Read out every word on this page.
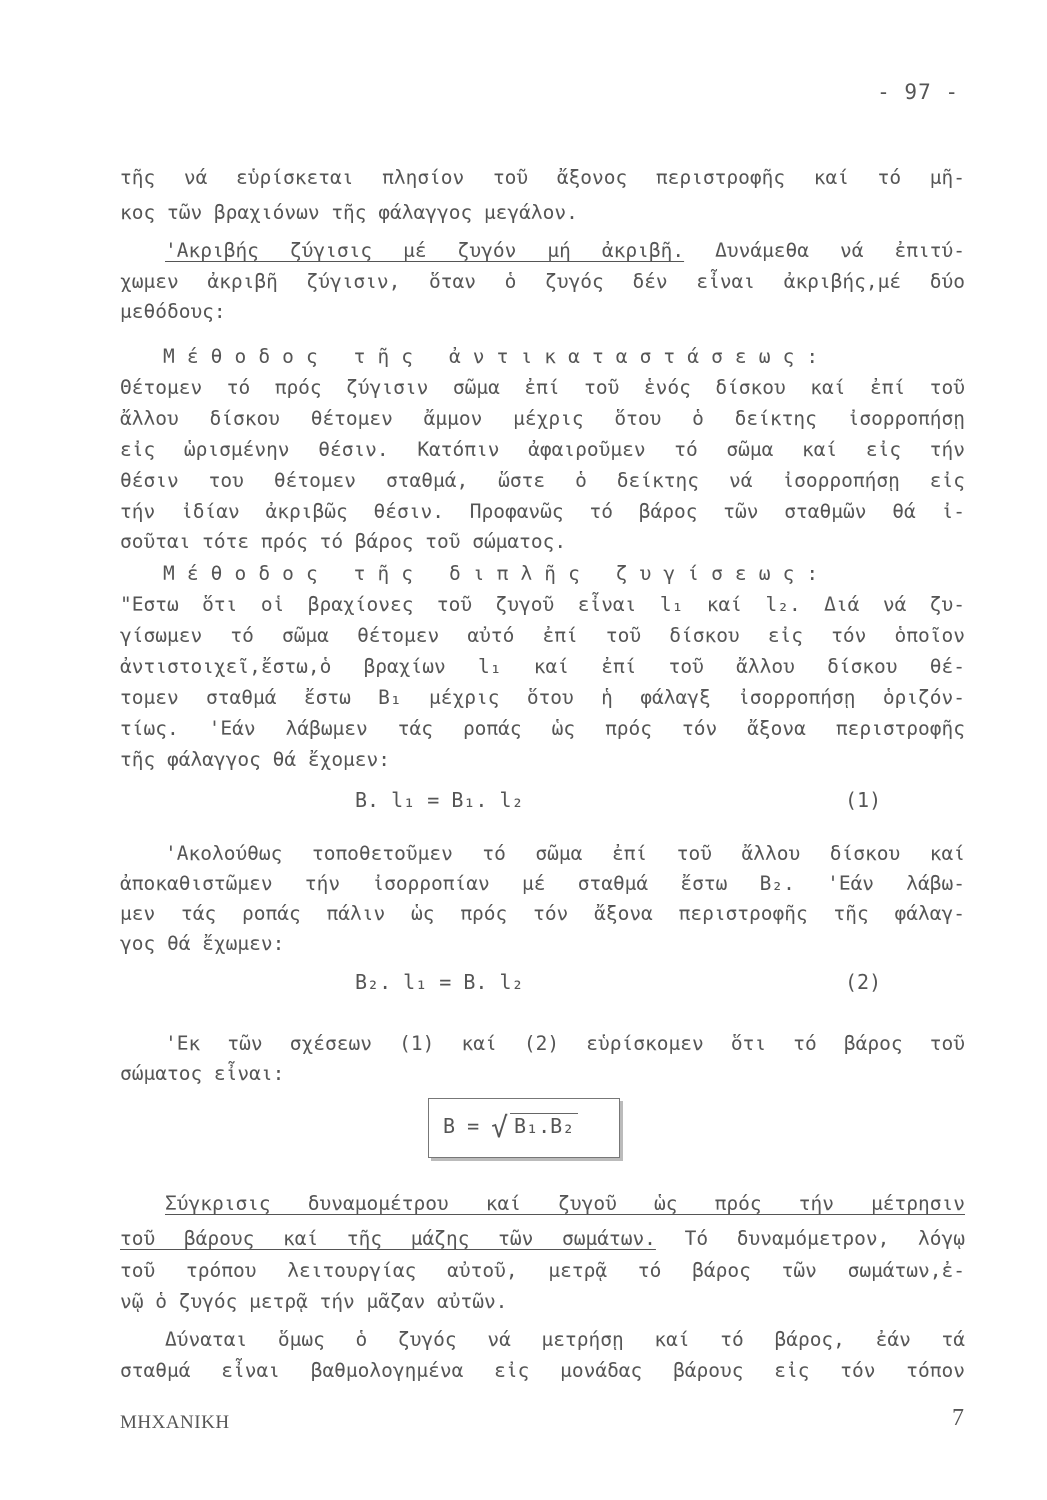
- 97 -
τῆς νά εὑρίσκεται πλησίον τοῦ ἄξονος περιστροφῆς καί τό μῆ-
κος τῶν βραχιόνων τῆς φάλαγγος μεγάλον.
'Ακριβής ζύγισις μέ ζυγόν μή ἀκριβῆ. Δυνάμεθα νά ἐπιτύ-
χωμεν ἀκριβῆ ζύγισιν, ὅταν ὁ ζυγός δέν εἶναι ἀκριβής,μέ δύο
μεθόδους:
Μέθοδος τῆς ἀντικαταστάσεως:
Θέτομεν τό πρός ζύγισιν σῶμα ἐπί τοῦ ἑνός δίσκου καί ἐπί τοῦ
ἄλλου δίσκου θέτομεν ἄμμον μέχρις ὅτου ὁ δείκτης ἰσορροπήσῃ
εἰς ὡρισμένην θέσιν. Κατόπιν ἀφαιροῦμεν τό σῶμα καί εἰς τήν
θέσιν του θέτομεν σταθμά, ὥστε ὁ δείκτης νά ἰσορροπήσῃ εἰς
τήν ἰδίαν ἀκριβῶς θέσιν. Προφανῶς τό βάρος τῶν σταθμῶν θά ἰ-
σοῦται τότε πρός τό βάρος τοῦ σώματος.
Μέθοδος τῆς διπλῆς ζυγίσεως:
"Εστω ὅτι οἱ βραχίονες τοῦ ζυγοῦ εἶναι l₁ καί l₂. Διά νά ζυ-
γίσωμεν τό σῶμα θέτομεν αὐτό ἐπί τοῦ δίσκου εἰς τόν ὁποῖον
ἀντιστοιχεῖ,ἔστω,ὁ βραχίων l₁ καί ἐπί τοῦ ἄλλου δίσκου θέ-
τομεν σταθμά ἔστω B₁ μέχρις ὅτου ἡ φάλαγξ ἰσορροπήσῃ ὁριζόν-
τίως. 'Εάν λάβωμεν τάς ροπάς ὡς πρός τόν ἄξονα περιστροφῆς
τῆς φάλαγγος θά ἔχομεν:
B. l₁ = B₁. l₂	(1)
'Ακολούθως τοποθετοῦμεν τό σῶμα ἐπί τοῦ ἄλλου δίσκου καί
ἀποκαθιστῶμεν τήν ἰσορροπίαν μέ σταθμά ἔστω B₂. 'Εάν λάβω-
μεν τάς ροπάς πάλιν ὡς πρός τόν ἄξονα περιστροφῆς τῆς φάλαγ-
γος θά ἔχωμεν:
B₂. l₁ = B. l₂	(2)
'Εκ τῶν σχέσεων (1) καί (2) εὑρίσκομεν ὅτι τό βάρος τοῦ
σώματος εἶναι:
B = √ B₁.B₂
Σύγκρισις δυναμομέτρου καί ζυγοῦ ὡς πρός τήν μέτρησιν
τοῦ βάρους καί τῆς μάζης τῶν σωμάτων. Τό δυναμόμετρον, λόγῳ
τοῦ τρόπου λειτουργίας αὐτοῦ, μετρᾷ τό βάρος τῶν σωμάτων,ἐ-
νῷ ὁ ζυγός μετρᾷ τήν μᾶζαν αὐτῶν.
Δύναται ὅμως ὁ ζυγός νά μετρήσῃ καί τό βάρος, ἐάν τά
σταθμά εἶναι βαθμολογημένα εἰς μονάδας βάρους εἰς τόν τόπον
ΜΗΧΑΝΙΚΗ	7
